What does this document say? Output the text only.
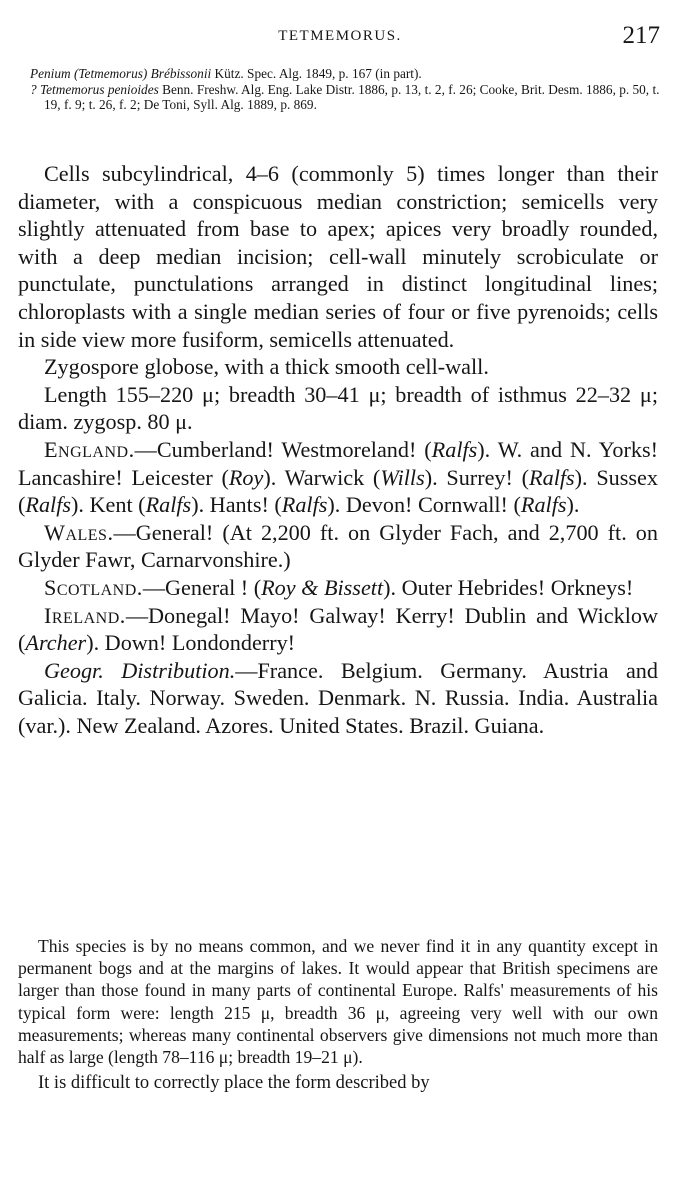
TETMEMORUS.	217
Penium (Tetmemorus) Brébissonii Kütz. Spec. Alg. 1849, p. 167 (in part).
? Tetmemorus penioides Benn. Freshw. Alg. Eng. Lake Distr. 1886, p. 13, t. 2, f. 26; Cooke, Brit. Desm. 1886, p. 50, t. 19, f. 9; t. 26, f. 2; De Toni, Syll. Alg. 1889, p. 869.

Cells subcylindrical, 4–6 (commonly 5) times longer than their diameter, with a conspicuous median constriction; semicells very slightly attenuated from base to apex; apices very broadly rounded, with a deep median incision; cell-wall minutely scrobiculate or punctulate, punctulations arranged in distinct longitudinal lines; chloroplasts with a single median series of four or five pyrenoids; cells in side view more fusiform, semicells attenuated.

Zygospore globose, with a thick smooth cell-wall.

Length 155–220 μ; breadth 30–41 μ; breadth of isthmus 22–32 μ; diam. zygosp. 80 μ.

England.—Cumberland! Westmoreland! (Ralfs). W. and N. Yorks! Lancashire! Leicester (Roy). Warwick (Wills). Surrey! (Ralfs). Sussex (Ralfs). Kent (Ralfs). Hants! (Ralfs). Devon! Cornwall! (Ralfs).

Wales.—General! (At 2,200 ft. on Glyder Fach, and 2,700 ft. on Glyder Fawr, Carnarvonshire.)

Scotland.—General ! (Roy & Bissett). Outer Hebrides! Orkneys!

Ireland.—Donegal! Mayo! Galway! Kerry! Dublin and Wicklow (Archer). Down! Londonderry!

Geogr. Distribution.—France. Belgium. Germany. Austria and Galicia. Italy. Norway. Sweden. Denmark. N. Russia. India. Australia (var.). New Zealand. Azores. United States. Brazil. Guiana.

This species is by no means common, and we never find it in any quantity except in permanent bogs and at the margins of lakes. It would appear that British specimens are larger than those found in many parts of continental Europe. Ralfs' measurements of his typical form were: length 215 μ, breadth 36 μ, agreeing very well with our own measurements; whereas many continental observers give dimensions not much more than half as large (length 78–116 μ; breadth 19–21 μ).

It is difficult to correctly place the form described by
